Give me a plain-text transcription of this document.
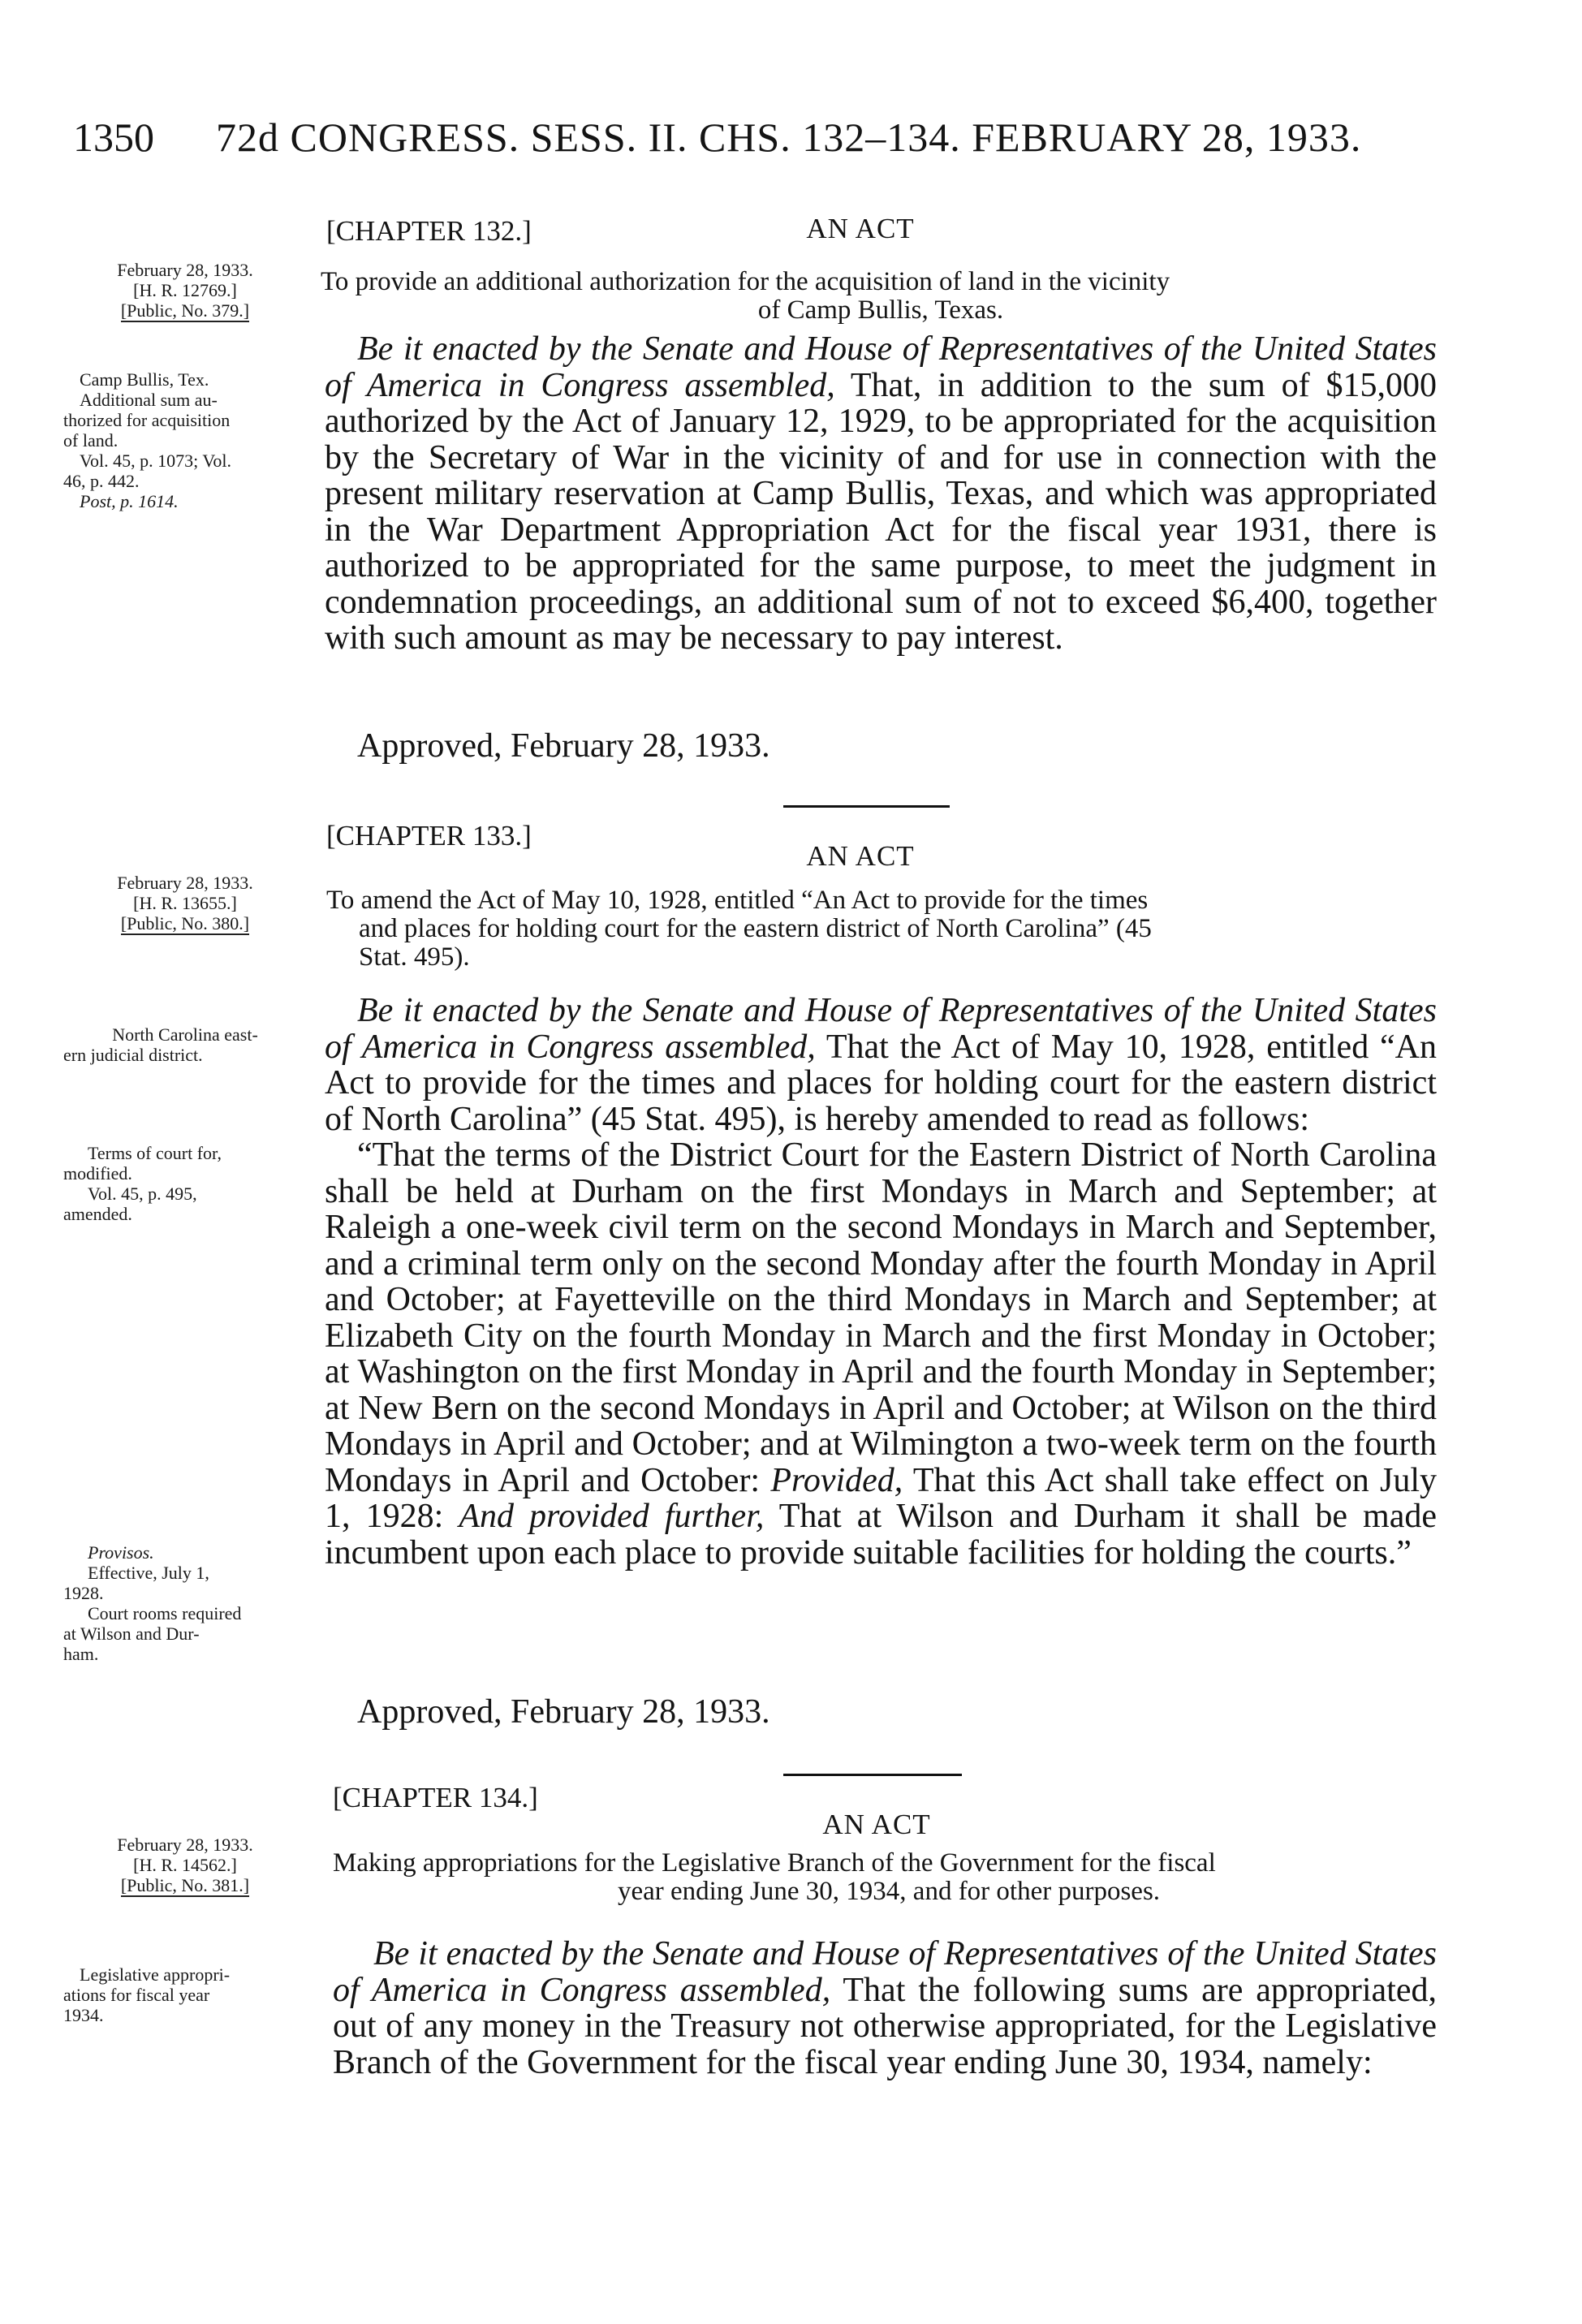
1350 72d CONGRESS. SESS. II. CHS. 132–134. FEBRUARY 28, 1933.
[CHAPTER 132.]	AN ACT
February 28, 1933.
[H. R. 12769.]
[Public, No. 379.]
To provide an additional authorization for the acquisition of land in the vicinity
of Camp Bullis, Texas.
Camp Bullis, Tex.
Additional sum au-
thorized for acquisition
of land.
Vol. 45, p. 1073; Vol.
46, p. 442.
Post, p. 1614.

Be it enacted by the Senate and House of Representatives of the United States of America in Congress assembled, That, in addition to the sum of $15,000 authorized by the Act of January 12, 1929, to be appropriated for the acquisition by the Secretary of War in the vicinity of and for use in connection with the present military reservation at Camp Bullis, Texas, and which was appropriated in the War Department Appropriation Act for the fiscal year 1931, there is authorized to be appropriated for the same purpose, to meet the judgment in condemnation proceedings, an additional sum of not to exceed $6,400, together with such amount as may be necessary to pay interest.

Approved, February 28, 1933.
[CHAPTER 133.]
AN ACT
February 28, 1933.
[H. R. 13655.]
[Public, No. 380.]
To amend the Act of May 10, 1928, entitled “An Act to provide for the times
and places for holding court for the eastern district of North Carolina” (45
Stat. 495).
North Carolina east-
ern judicial district.
Terms of court for,
modified.
Vol. 45, p. 495,
amended.
Provisos.
Effective, July 1,
1928.
Court rooms required
at Wilson and Dur-
ham.

Be it enacted by the Senate and House of Representatives of the United States of America in Congress assembled, That the Act of May 10, 1928, entitled “An Act to provide for the times and places for holding court for the eastern district of North Carolina” (45 Stat. 495), is hereby amended to read as follows:

“That the terms of the District Court for the Eastern District of North Carolina shall be held at Durham on the first Mondays in March and September; at Raleigh a one-week civil term on the second Mondays in March and September, and a criminal term only on the second Monday after the fourth Monday in April and October; at Fayetteville on the third Mondays in March and September; at Elizabeth City on the fourth Monday in March and the first Monday in October; at Washington on the first Monday in April and the fourth Monday in September; at New Bern on the second Mondays in April and October; at Wilson on the third Mondays in April and October; and at Wilmington a two-week term on the fourth Mondays in April and October: Provided, That this Act shall take effect on July 1, 1928: And provided further, That at Wilson and Durham it shall be made incumbent upon each place to provide suitable facilities for holding the courts.”

Approved, February 28, 1933.
[CHAPTER 134.]
AN ACT
February 28, 1933.
[H. R. 14562.]
[Public, No. 381.]
Making appropriations for the Legislative Branch of the Government for the fiscal
year ending June 30, 1934, and for other purposes.
Legislative appropri-
ations for fiscal year
1934.

Be it enacted by the Senate and House of Representatives of the United States of America in Congress assembled, That the following sums are appropriated, out of any money in the Treasury not otherwise appropriated, for the Legislative Branch of the Government for the fiscal year ending June 30, 1934, namely:
